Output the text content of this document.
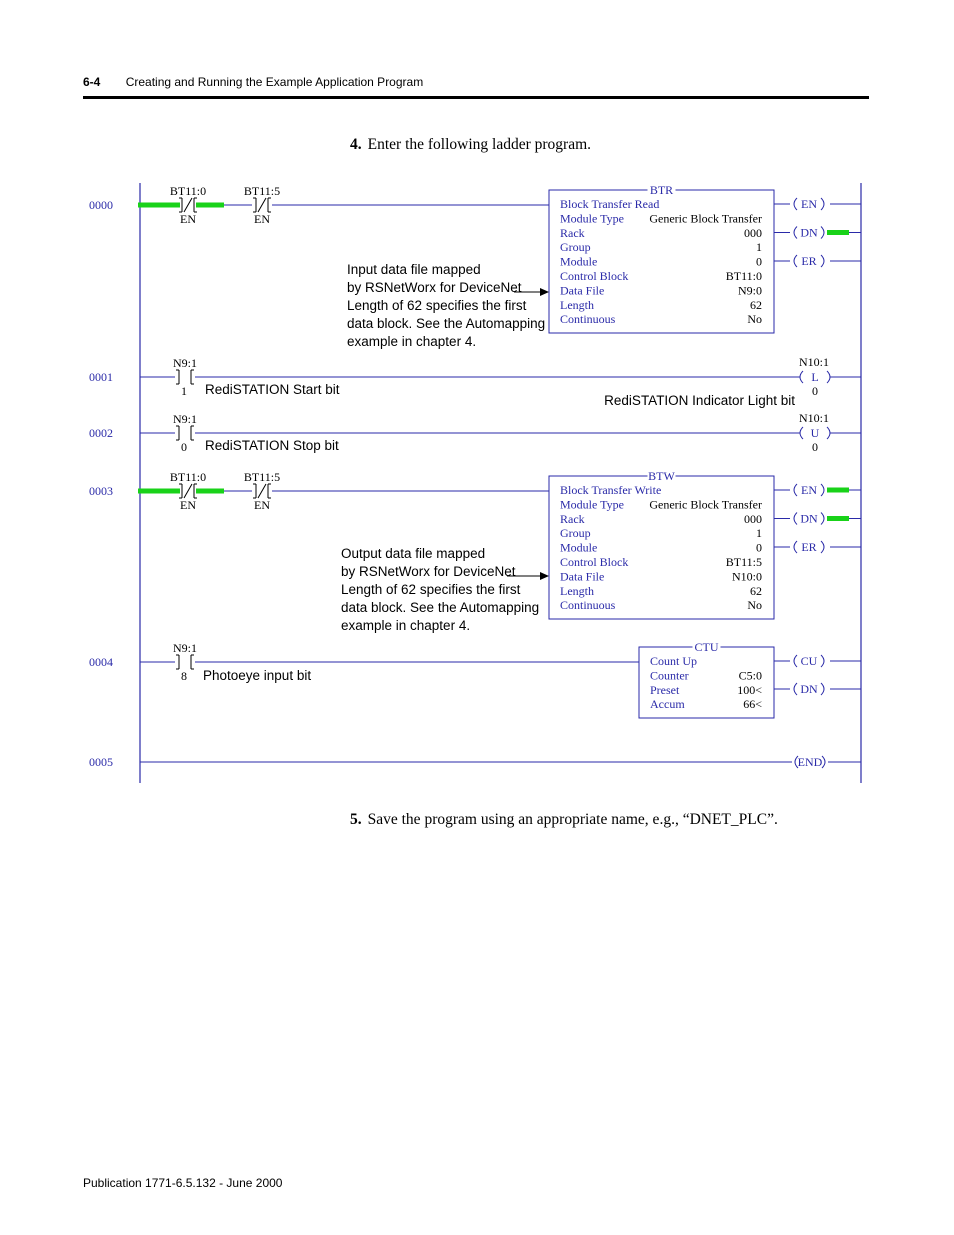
6-4 Creating and Running the Example Application Program
4. Enter the following ladder program.
0000
BT11:0
EN
BT11:5
EN
BTR
Block Transfer Read
Module Type Generic Block Transfer
Rack	000
Group	1
Module	0
Control Block	BT11:0
Data File	N9:0
Length	62
Continuous	No
EN
DN
ER
Input data file mapped
by RSNetWorx for DeviceNet
Length of 62 specifies the first
data block. See the Automapping
example in chapter 4.
0001
N9:1
1 RediSTATION Start bit
L
N10:1
0
RediSTATION Indicator Light bit
0002
N9:1
0 RediSTATION Stop bit
U
N10:1
0
0003
BT11:0
EN
BT11:5
EN
BTW
Block Transfer Write
Module Type Generic Block Transfer
Rack	000
Group	1
Module	0
Control Block	BT11:5
Data File	N10:0
Length	62
Continuous	No
EN
DN
ER
Output data file mapped
by RSNetWorx for DeviceNet
Length of 62 specifies the first
data block. See the Automapping
example in chapter 4.
0004
N9:1
8
CTU
Count Up
Counter	C5:0
Preset	100<
Accum	66<
CU
DN
Photoeye input bit
0005	END
5. Save the program using an appropriate name, e.g., “DNET_PLC”.
Publication 1771-6.5.132 - June 2000
